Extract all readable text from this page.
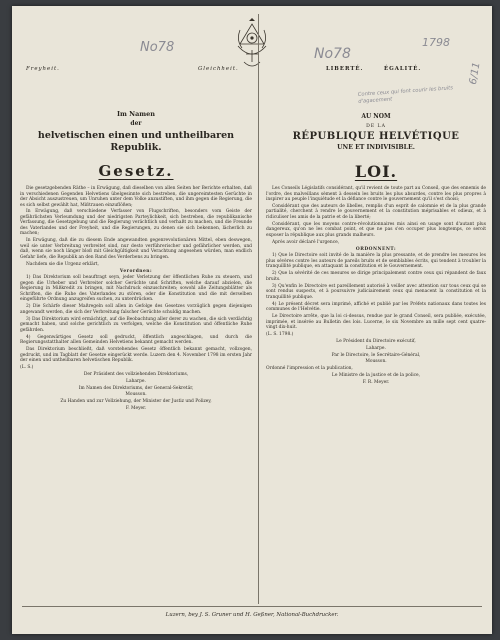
No78	No78
1798
6/11
Contre ceux qui font courir les bruits d'agacement
Freyheit.	Gleichheit.
Im Namen
der
helvetischen einen und untheilbaren
Republik.
Gesetz.

Die gesetzgebenden Räthe – in Erwägung, daß dieselben von allen Seiten her Berichte erhalten, daß in verschiedenen Gegenden Helvetiens übelgesinnte sich bestreben, die ungereimtesten Gerüchte in der Absicht auszustreuen, um Unruhen unter dem Volke anzustiften, und ihm gegen die Regierung, die es sich selbst gewählt hat, Mißtrauen einzuflößen;

In Erwägung, daß verschiedene Verfasser von Flugschriften, besonders vom Geiste der gefährlichsten Verleumdung und der niedrigsten Parteylichkeit, sich bestreben, die republikanische Verfassung, die Gesetzgebung und die Regierung verächtlich und verhaßt zu machen, und die Freunde des Vaterlandes und der Freyheit, und die Regierungen, zu denen sie sich bekennen, lächerlich zu machen;

In Erwägung, daß die zu diesem Ende angewandten gegenrevolutionären Mittel, eben deswegen, weil sie unter Verbreitung verbreitet sind, nur desto verführerischer und gefährlicher werden, und daß, wenn sie noch länger bloß mit Gleichgültigkeit und Verachtung angesehen würden, man endlich Gefahr liefe, die Republik an den Rand des Verderbens zu bringen.

Nachdem sie die Urgenz erklärt,

Verordnen:

1) Das Direktorium soll beauftragt seyn, jeder Verletzung der öffentlichen Ruhe zu steuern, und gegen die Urheber und Verbreiter solcher Gerüchte und Schriften, welche darauf abzielen, die Regierung in Mißkredit zu bringen, mit Nachdruck einzuschreiten; sowohl alle Zeitungsblätter als Schriften, die die Ruhe des Vaterlandes zu stören, oder die Konstitution und die mit derselben eingeführte Ordnung anzugreifen suchen, zu unterdrücken.

2) Die Schärfe dieser Maßregeln soll allen in Gefolge des Gesetzes vorzüglich gegen diejenigen angewandt werden, die sich der Verbreitung falscher Gerüchte schuldig machen.

3) Das Direktorium wird ermächtigt, auf die Beobachtung aller derer zu wachen, die sich verdächtig gemacht haben, und solche gerichtlich zu verfolgen, welche die Konstitution und öffentliche Ruhe gefährden.

4) Gegenwärtiges Gesetz soll gedruckt, öffentlich angeschlagen, und durch die Regierungsstatthalter allen Gemeinden Helvetiens bekannt gemacht werden.

Das Direktorium beschließt, daß vorstehendes Gesetz öffentlich bekannt gemacht, vollzogen, gedruckt, und im Tagblatt der Gesetze eingerückt werde. Luzern den 4. November 1798 im ersten Jahr der einen und untheilbaren helvetischen Republik.

(L. S.)

Der Präsident des vollziehenden Direktoriums,

Laharpe.

Im Namen des Direktoriums, der General-Sekretär,

Mousson.

Zu Handen und zur Vollziehung, der Minister der Justiz und Polizey,

F. Meyer.

LIBERTÉ.	ÉGALITÉ.
AU NOM
DE LA
RÉPUBLIQUE HELVÉTIQUE
UNE ET INDIVISIBLE.
LOI.

Les Conseils Législatifs considérant, qu'il revient de toute part au Conseil, que des ennemis de l'ordre, des malveillans sèment à dessein les bruits les plus absurdes, contre les plus propres à inspirer au peuple l'inquiétude et la défiance contre le gouvernement qu'il s'est choisi;

Considérant que des auteurs de libelles, remplis d'un esprit de calomnie et de la plus grande partialité, cherchent à rendre le gouvernement et la constitution méprisables et odieux, et à ridiculiser les amis de la patrie et de la liberté;

Considérant, que les moyens contre-révolutionnaires mis ainsi en usage sont d'autant plus dangereux, qu'on ne les combat point, et que ne pas s'en occuper plus longtemps, ce seroit exposer la république aux plus grands malheurs.

Après avoir déclaré l'urgence,

ORDONNENT:

1) Que le Directoire soit invité de la manière la plus pressante, et de prendre les mesures les plus sévères contre les auteurs de pareils bruits et de semblables écrits, qui tendent à troubler la tranquillité publique, en attaquant la constitution et le Gouvernement.

2) Que la sévérité de ces mesures se dirige principalement contre ceux qui répandent de faux bruits.

3) Qu'enfin le Directoire est pareillement autorisé à veiller avec attention sur tous ceux qui se sont rendus suspects, et à poursuivre judiciairement ceux qui menacent la constitution et la tranquillité publique.

4) Le présent décret sera imprimé, affiché et publié par les Préfets nationaux dans toutes les communes de l'Helvétie.

Le Directoire arrête, que la loi ci-dessus, rendue par le grand Conseil, sera publiée, exécutée, imprimée, et insérée au Bulletin des lois. Lucerne, le six Novembre an mille sept cent quatre-vingt dix-huit.

(L. S. 1798.)

Le Président du Directoire exécutif,

Laharpe.

Par le Directoire, le Secrétaire-Général,

Mousson.

Ordonné l'impression et la publication,

Le Ministre de la justice et de la police,

F. R. Meyer.

Luzern, bey J. S. Gruner und H. Geßner, National-Buchdrucker.
